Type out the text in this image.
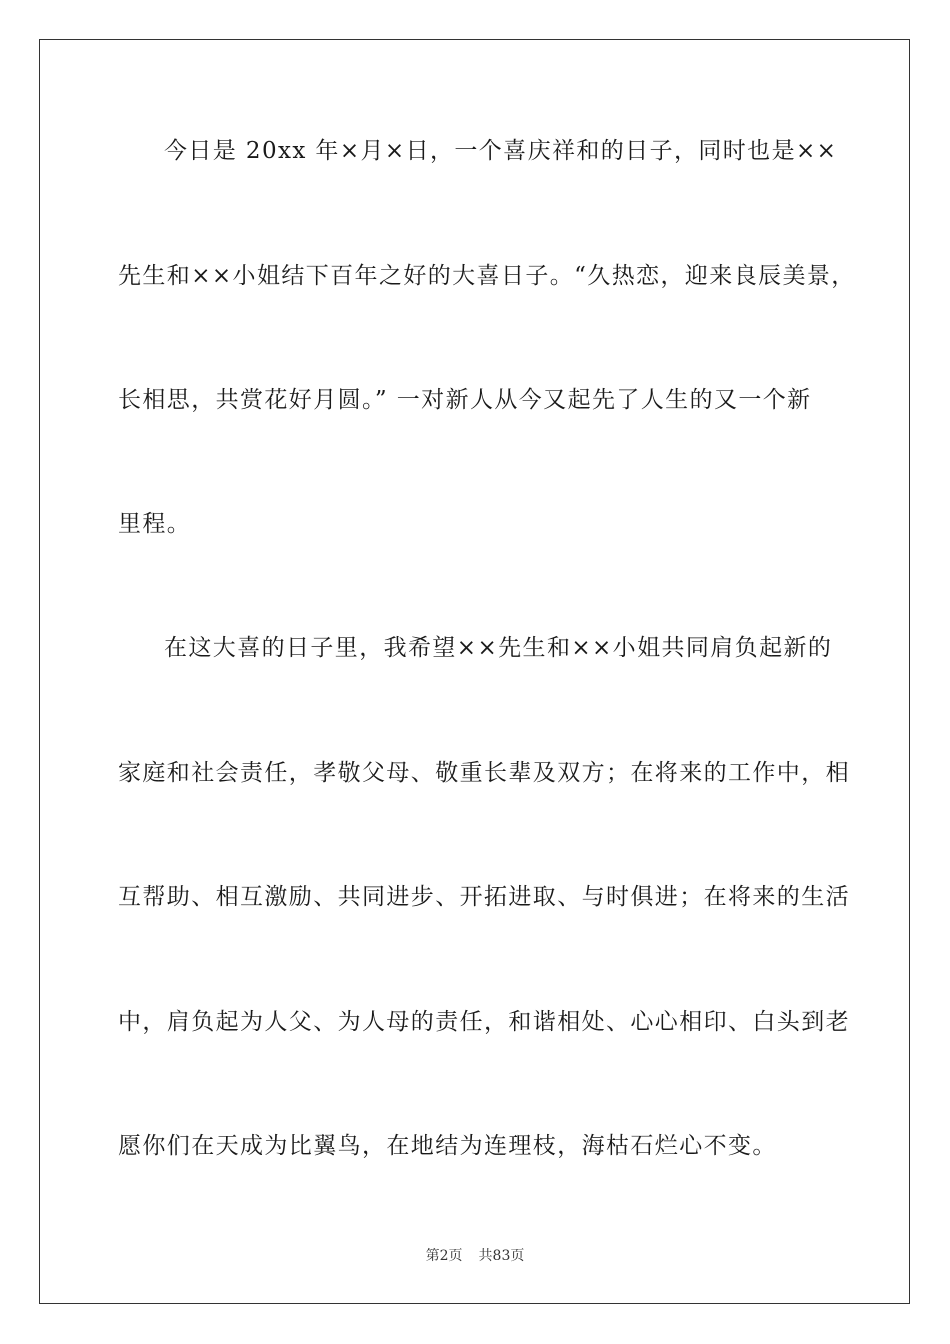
今日是 20xx 年×月×日，一个喜庆祥和的日子，同时也是××
先生和××小姐结下百年之好的大喜日子。“久热恋，迎来良辰美景，
长相思，共赏花好月圆。” 一对新人从今又起先了人生的又一个新
里程。
在这大喜的日子里，我希望××先生和××小姐共同肩负起新的
家庭和社会责任，孝敬父母、敬重长辈及双方；在将来的工作中，相
互帮助、相互激励、共同进步、开拓进取、与时俱进；在将来的生活
中，肩负起为人父、为人母的责任，和谐相处、心心相印、白头到老
愿你们在天成为比翼鸟，在地结为连理枝，海枯石烂心不变。
第2页 共83页
